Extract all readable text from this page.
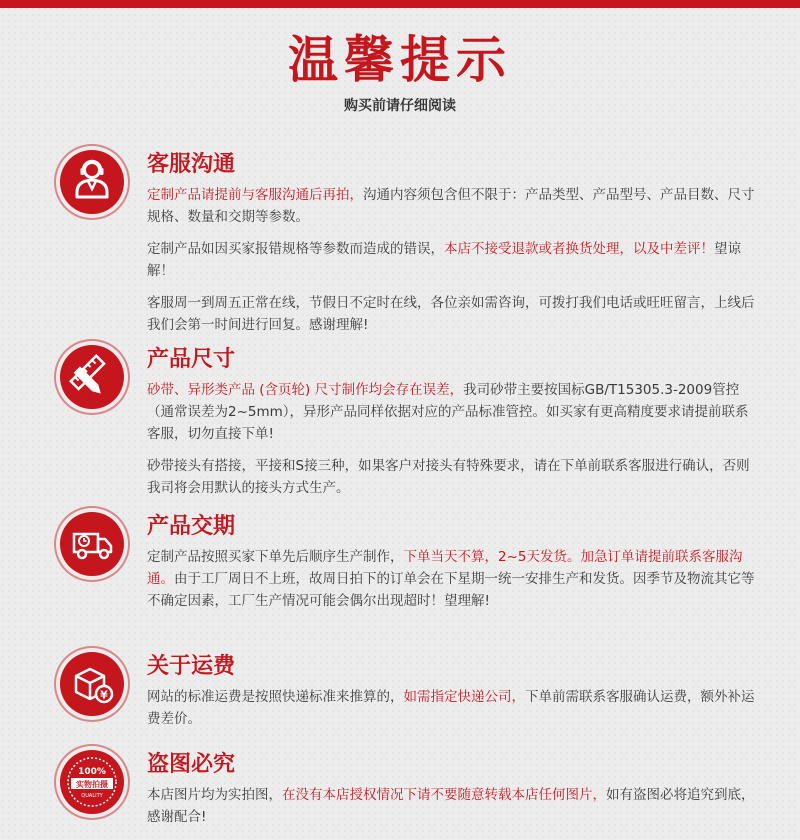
温馨提示
购买前请仔细阅读
客服沟通

定制产品请提前与客服沟通后再拍，沟通内容须包含但不限于：产品类型、产品型号、产品目数、尺寸规格、数量和交期等参数。

定制产品如因买家报错规格等参数而造成的错误，本店不接受退款或者换货处理，以及中差评！望谅解！

客服周一到周五正常在线，节假日不定时在线，各位亲如需咨询，可拨打我们电话或旺旺留言，上线后我们会第一时间进行回复。感谢理解!

产品尺寸

砂带、异形类产品 (含页轮) 尺寸制作均会存在误差，我司砂带主要按国标GB/T15305.3-2009管控（通常误差为2~5mm），异形产品同样依据对应的产品标准管控。如买家有更高精度要求请提前联系客服，切勿直接下单!

砂带接头有搭接，平接和S接三种，如果客户对接头有特殊要求，请在下单前联系客服进行确认，否则我司将会用默认的接头方式生产。

产品交期

定制产品按照买家下单先后顺序生产制作，下单当天不算，2~5天发货。加急订单请提前联系客服沟通。由于工厂周日不上班，故周日拍下的订单会在下星期一统一安排生产和发货。因季节及物流其它等不确定因素，工厂生产情况可能会偶尔出现超时！望理解!

¥
关于运费

网站的标准运费是按照快递标准来推算的，如需指定快递公司，下单前需联系客服确认运费，额外补运费差价。

100%
实物拍摄
QUALITY
盗图必究

本店图片均为实拍图，在没有本店授权情况下请不要随意转载本店任何图片，如有盗图必将追究到底，感谢配合!
